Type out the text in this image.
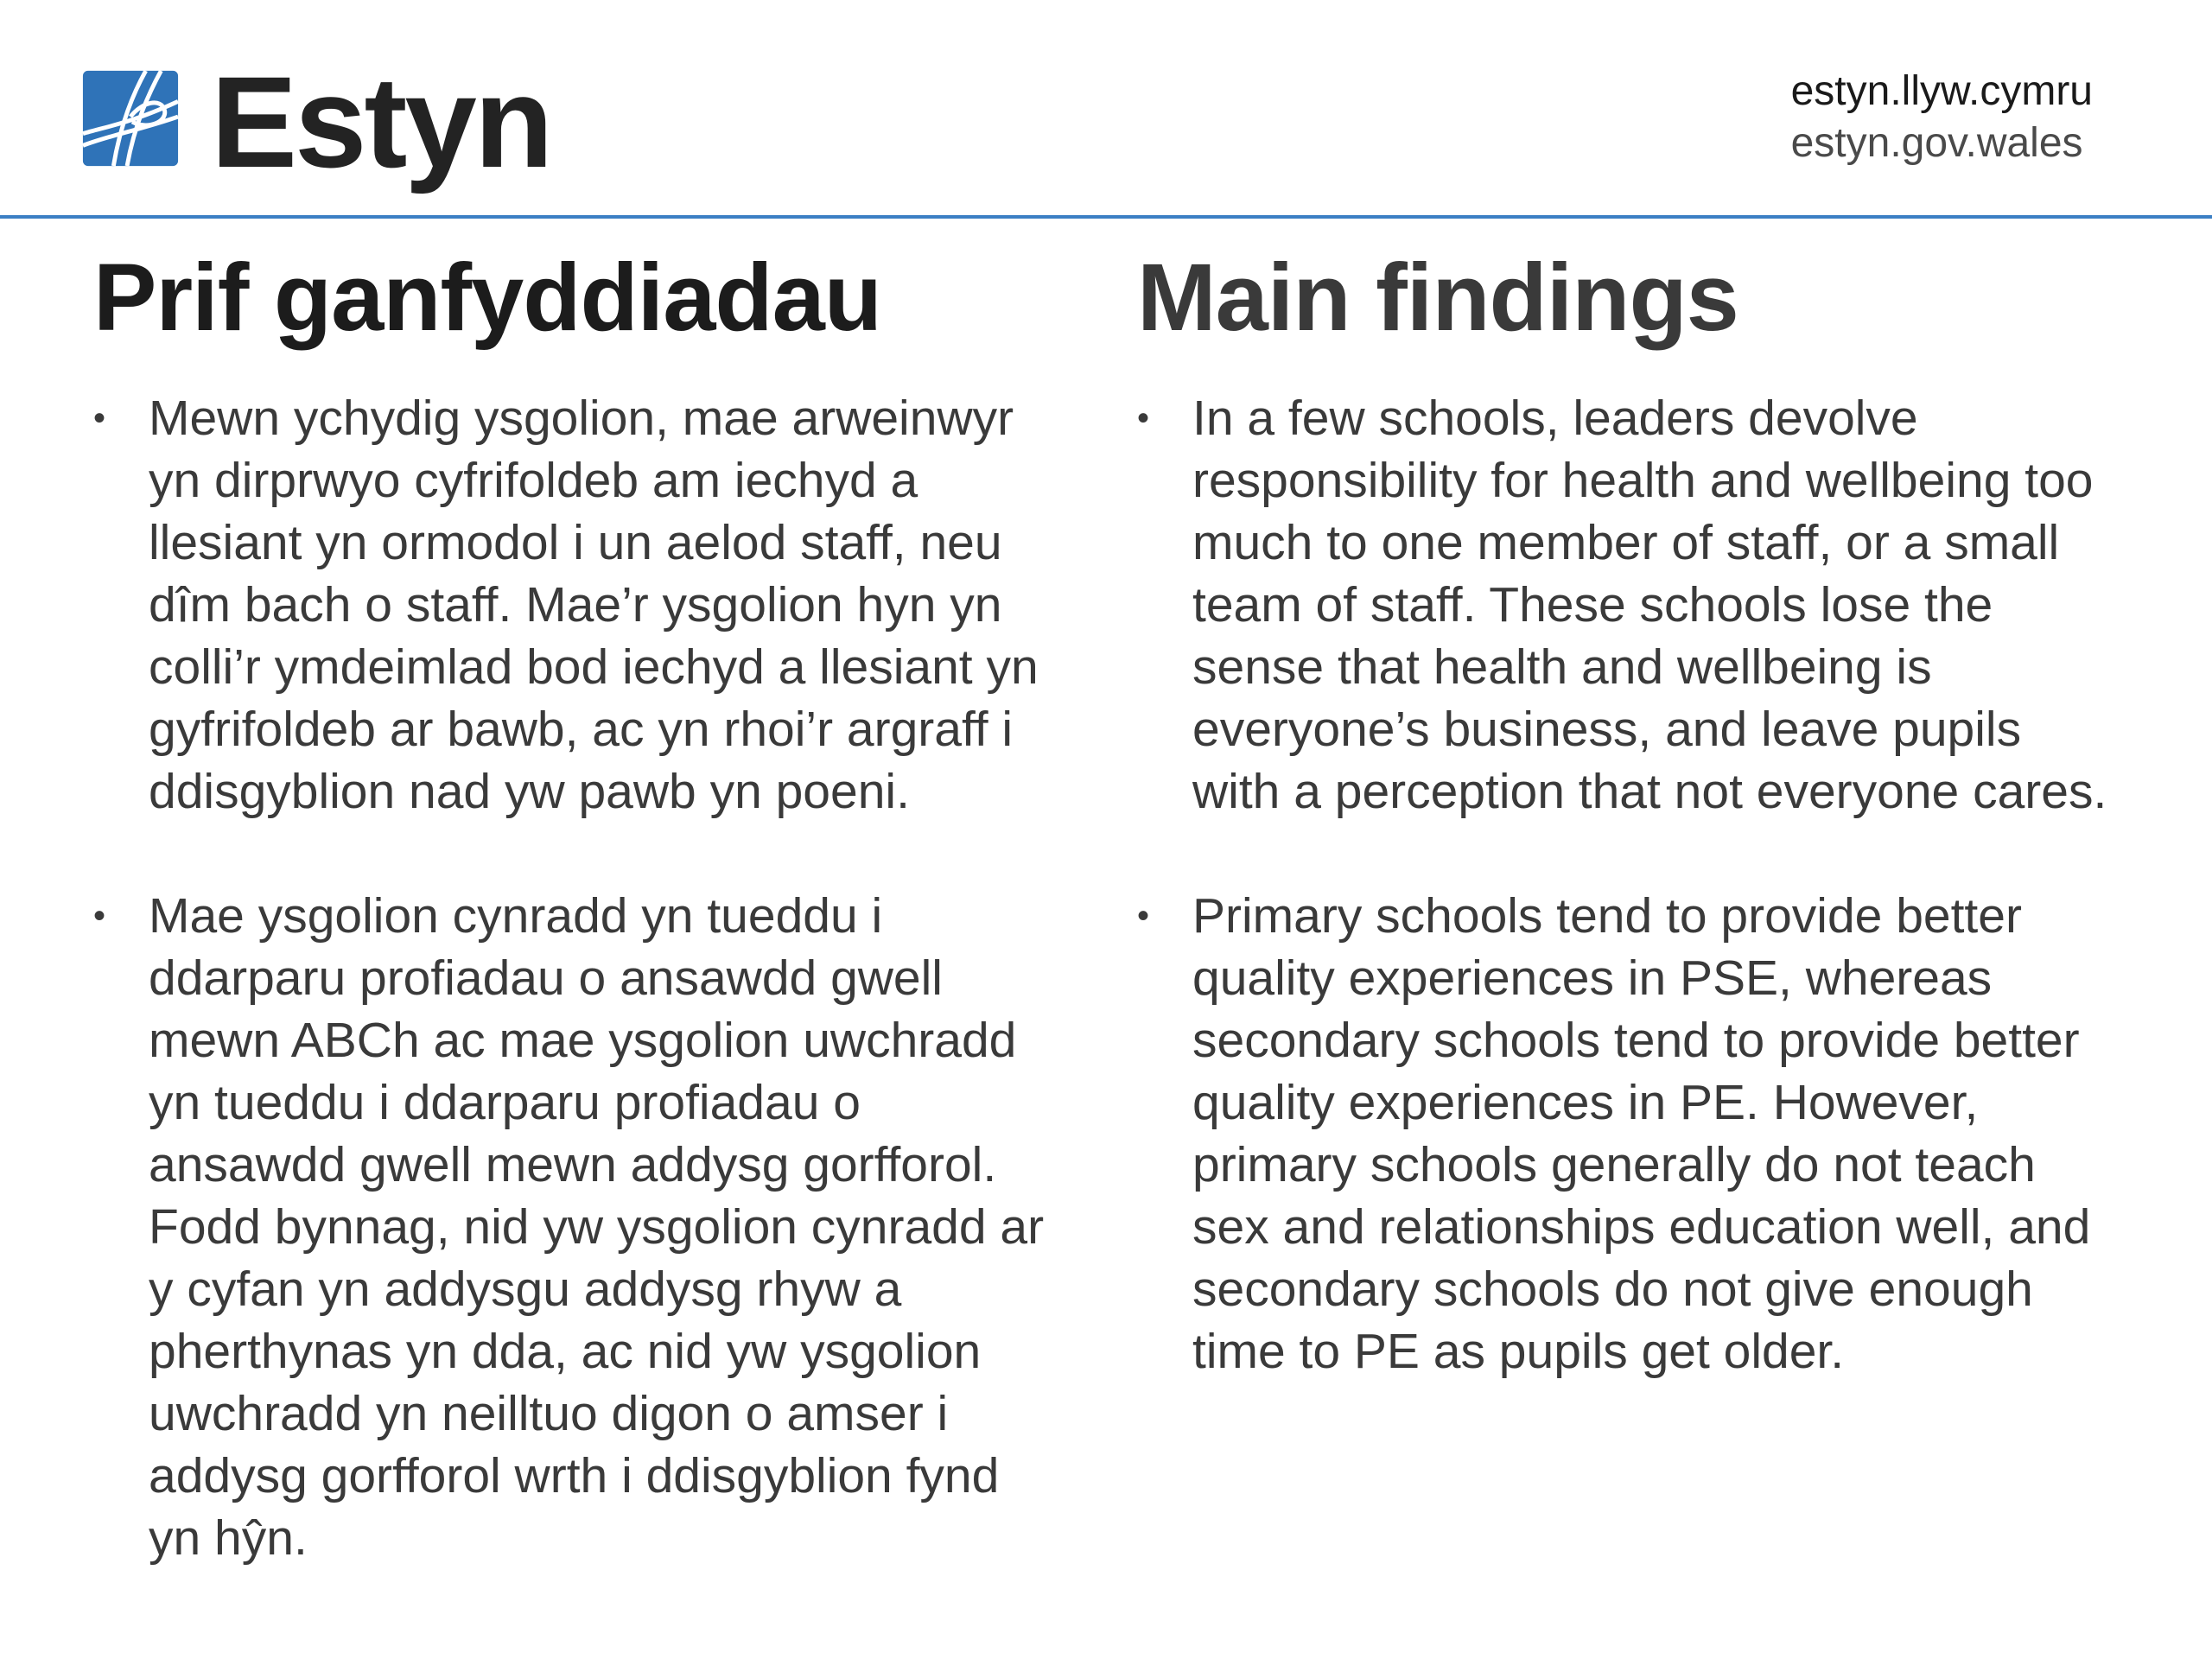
Estyn	estyn.llyw.cymru
estyn.gov.wales
Prif ganfyddiadau
• Mewn ychydig ysgolion, mae arweinwyr
yn dirprwyo cyfrifoldeb am iechyd a
llesiant yn ormodol i un aelod staff, neu
dîm bach o staff. Mae’r ysgolion hyn yn
colli’r ymdeimlad bod iechyd a llesiant yn
gyfrifoldeb ar bawb, ac yn rhoi’r argraff i
ddisgyblion nad yw pawb yn poeni.
• Mae ysgolion cynradd yn tueddu i
ddarparu profiadau o ansawdd gwell
mewn ABCh ac mae ysgolion uwchradd
yn tueddu i ddarparu profiadau o
ansawdd gwell mewn addysg gorfforol.
Fodd bynnag, nid yw ysgolion cynradd ar
y cyfan yn addysgu addysg rhyw a
pherthynas yn dda, ac nid yw ysgolion
uwchradd yn neilltuo digon o amser i
addysg gorfforol wrth i ddisgyblion fynd
yn hŷn.
Main findings
• In a few schools, leaders devolve
responsibility for health and wellbeing too
much to one member of staff, or a small
team of staff. These schools lose the
sense that health and wellbeing is
everyone’s business, and leave pupils
with a perception that not everyone cares.
• Primary schools tend to provide better
quality experiences in PSE, whereas
secondary schools tend to provide better
quality experiences in PE. However,
primary schools generally do not teach
sex and relationships education well, and
secondary schools do not give enough
time to PE as pupils get older.
